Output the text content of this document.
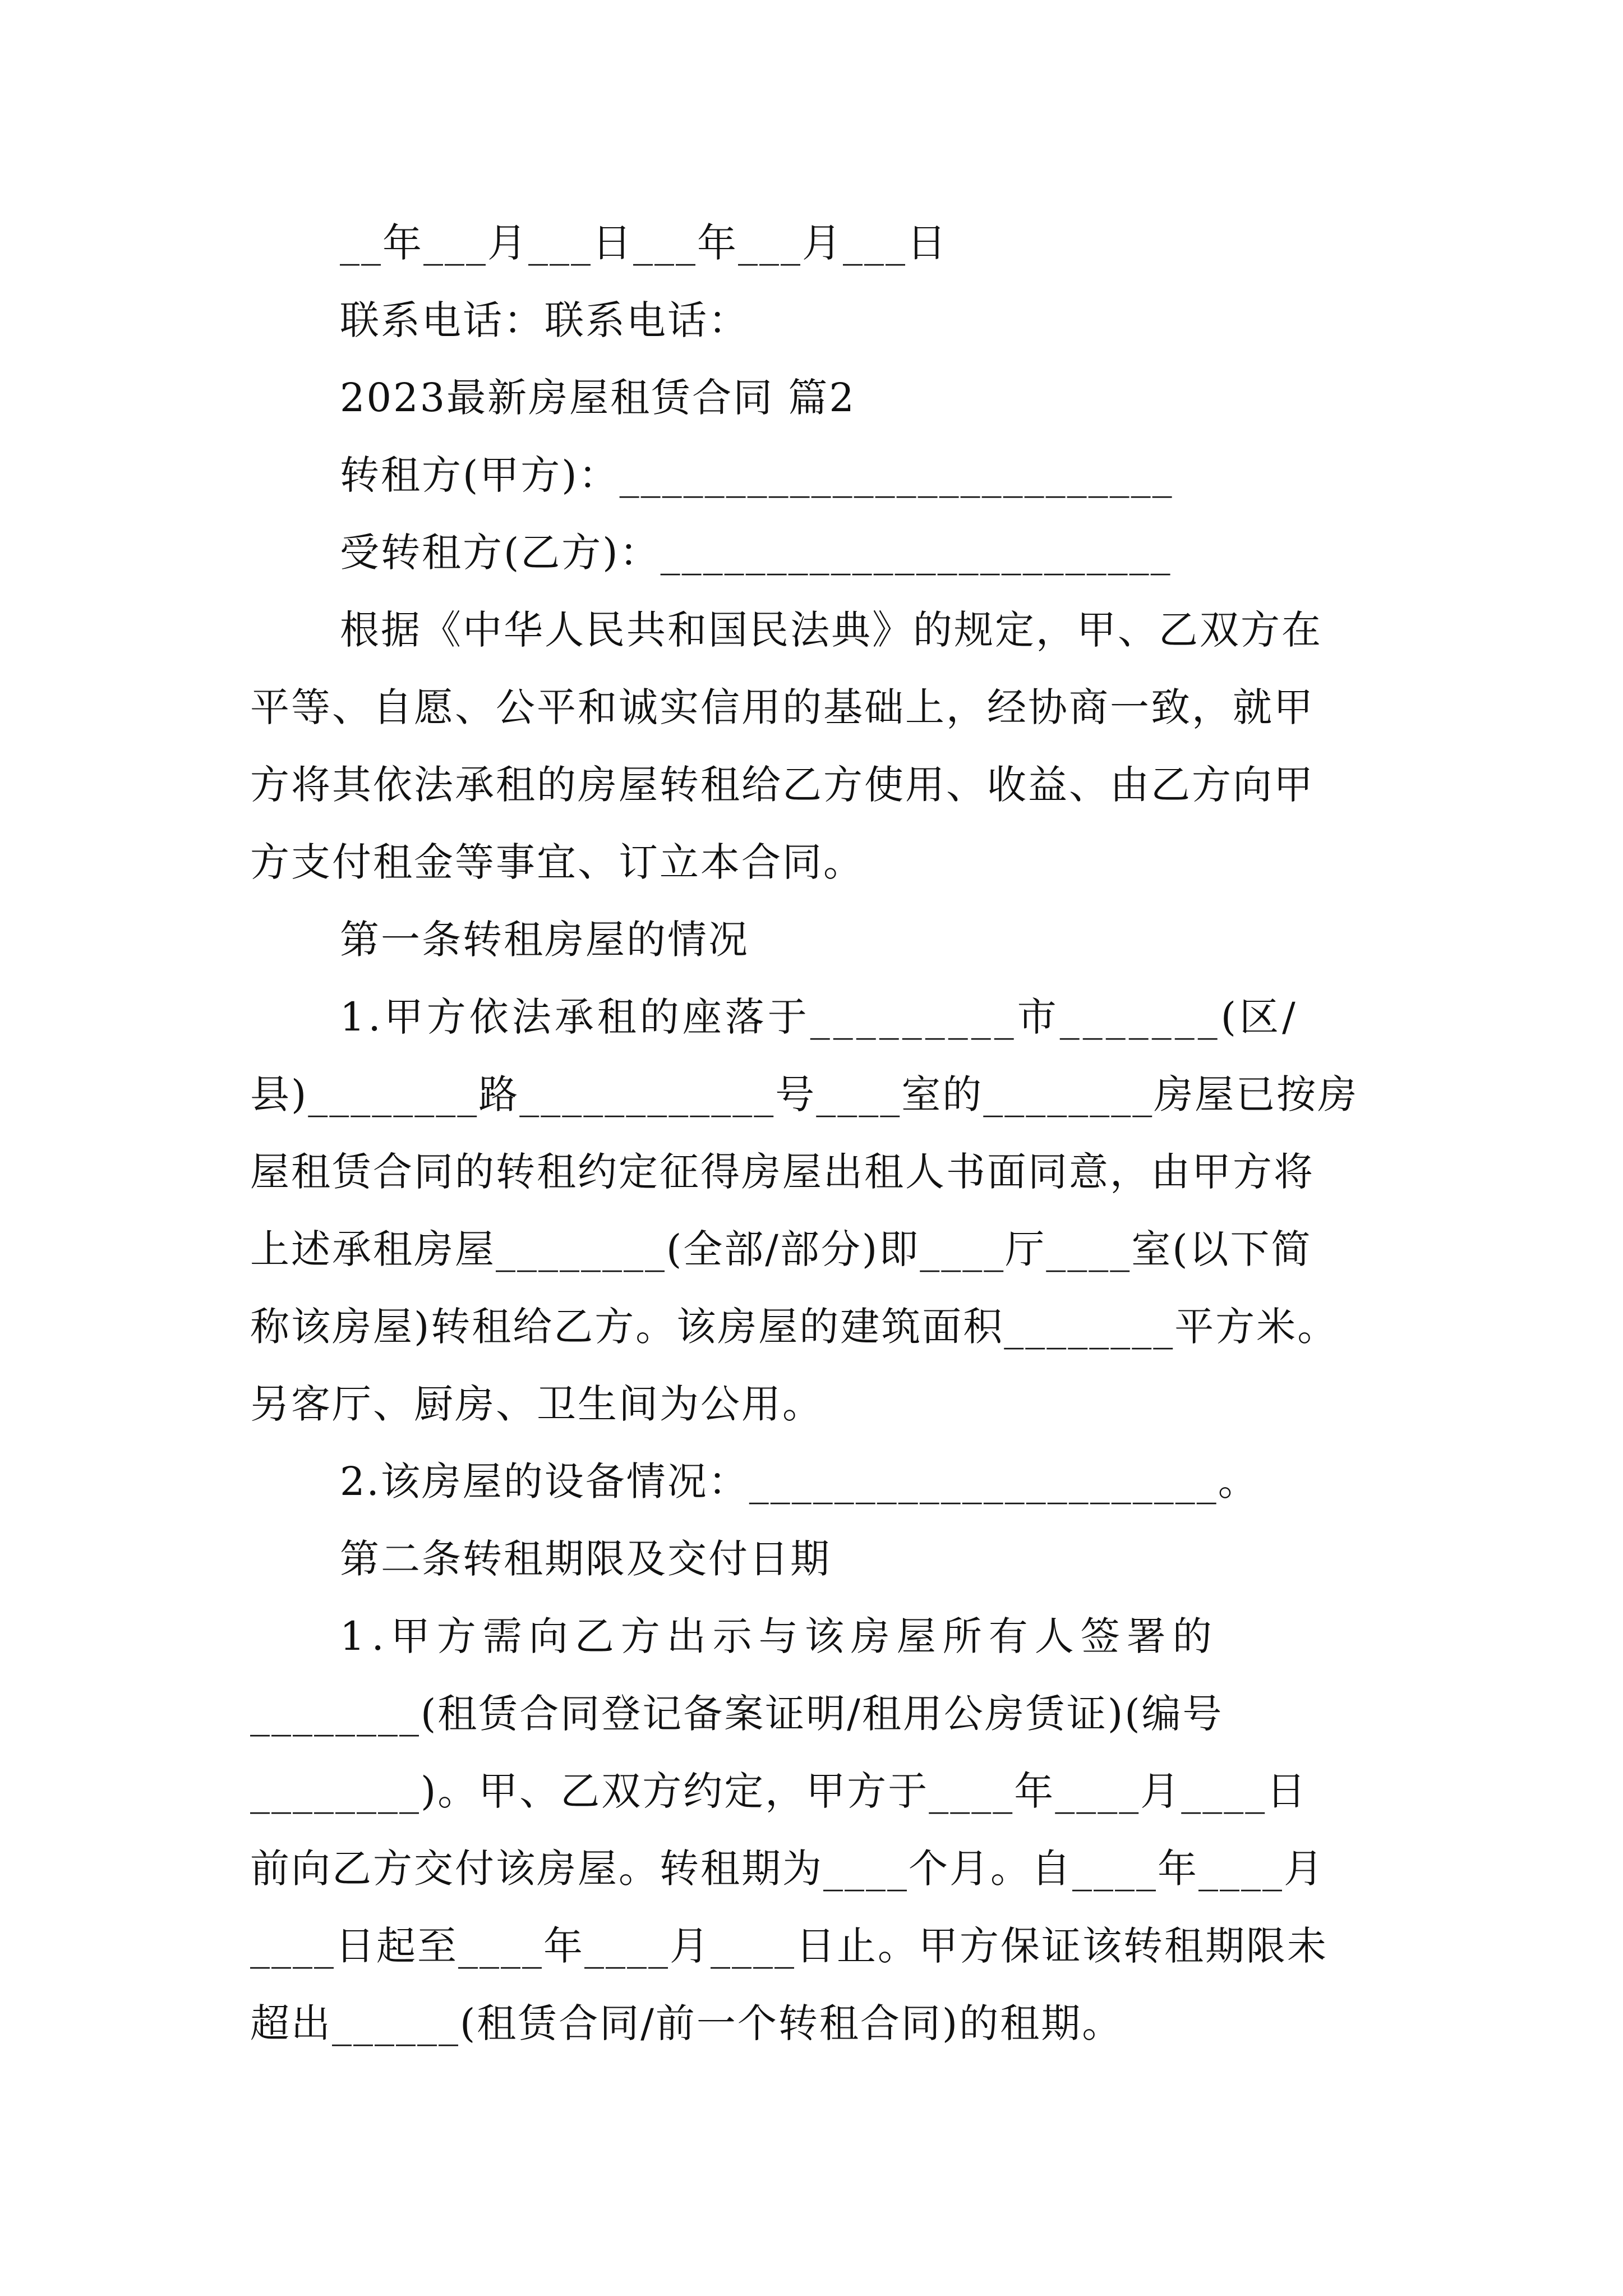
__年___月___日___年___月___日

联系电话：联系电话：

2023最新房屋租赁合同 篇2

转租方(甲方)：__________________________

受转租方(乙方)：________________________

根据《中华人民共和国民法典》的规定，甲、乙双方在

平等、自愿、公平和诚实信用的基础上，经协商一致，就甲

方将其依法承租的房屋转租给乙方使用、收益、由乙方向甲

方支付租金等事宜、订立本合同。

第一条转租房屋的情况

1.甲方依法承租的座落于_________市_______(区/

县)________路____________号____室的________房屋已按房

屋租赁合同的转租约定征得房屋出租人书面同意，由甲方将

上述承租房屋________(全部/部分)即____厅____室(以下简

称该房屋)转租给乙方。该房屋的建筑面积________平方米。

另客厅、厨房、卫生间为公用。

2.该房屋的设备情况：______________________。

第二条转租期限及交付日期

1.甲方需向乙方出示与该房屋所有人签署的

________(租赁合同登记备案证明/租用公房赁证)(编号

________)。甲、乙双方约定，甲方于____年____月____日

前向乙方交付该房屋。转租期为____个月。自____年____月

____日起至____年____月____日止。甲方保证该转租期限未

超出______(租赁合同/前一个转租合同)的租期。
